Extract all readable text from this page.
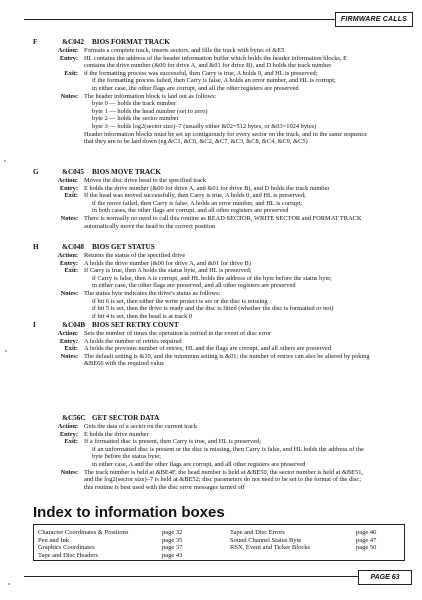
FIRMWARE CALLS
F	&C042 BIOS FORMAT TRACK
Action: Formats a complete track, inserts sectors, and fills the track with bytes of &E5
Entry: HL contains the address of the header information buffer which holds the header information blocks, E
contains the drive number (&00 for drive A, and &01 for drive B), and D holds the track number
Exit: if the formatting process was successful, then Carry is true, A holds 0, and HL is preserved;
if the formatting process failed, then Carry is false, A holds an error number, and HL is corrupt;
in either case, the other flags are corrupt, and all the other registers are preserved
Notes: The header information block is laid out as follows:
byte 0 — holds the track number
byte 1 — holds the head number (set to zero)
byte 2 — holds the sector number
byte 3 — holds log2(sector size)–7 (usually either &02=512 bytes, or &03=1024 bytes)
Header information blocks must be set up contiguously for every sector on the track, and in the same sequence
that they are to be laid down (eg &C1, &C6, &C2, &C7, &C3, &C8, &C4, &C9, &C5)
G	&C045 BIOS MOVE TRACK
Action: Moves the disc drive head to the specified track
Entry: E holds the drive number (&00 for drive A, and &01 for drive B), and D holds the track number
Exit: If the head was moved successfully, then Carry is true, A holds 0, and HL is preserved;
if the move failed, then Carry is false, A holds an error number, and HL is corrupt;
in both cases, the other flags are corrupt, and all other registers are preserved
Notes: There is normally no need to call this routine as READ SECTOR, WRITE SECTOR and FORMAT TRACK
automatically move the head to the correct position
H	&C048 BIOS GET STATUS
Action: Returns the status of the specified drive
Entry: A holds the drive number (&00 for drive A, and &01 for drive B)
Exit: If Carry is true, then A holds the status byte, and HL is preserved;
if Carry is false, then A is corrupt, and HL holds the address of the byte before the status byte;
in either case, the other flags are preserved, and all other registers are preserved
Notes: The status byte indicates the drive's status as follows:
if bit 6 is set, then either the write protect is set or the disc is missing
if bit 5 is set, then the drive is ready and the disc is fitted (whether the disc is formatted or not)
if bit 4 is set, then the head is at track 0
I	&C04B BIOS SET RETRY COUNT
Action: Sets the number of times the operation is retried in the event of disc error
Entry: A holds the number of retries required
Exit: A holds the previous number of retries, HL and the flags are corrupt, and all others are preserved
Notes: The default setting is &10, and the minimum setting is &01; the number of retries can also be altered by poking
&BE66 with the required value
&C56C GET SECTOR DATA
Action: Gets the data of a sector on the current track
Entry: E holds the drive number
Exit: If a formatted disc is present, then Carry is true, and HL is preserved;
if an unformatted disc is present or the disc is missing, then Carry is false, and HL holds the address of the
byte before the status byte;
in either case, A and the other flags are corrupt, and all other registers are preserved
Notes: The track number is held at &BE4F, the head number is held at &BE50, the sector number is held at &BE51,
and the log2(sector size)–7 is held at &BE52; disc parameters do not need to be set to the format of the disc;
this routine is best used with the disc error messages turned off
Index to information boxes
Character Coordinates & Positions	page 32
Pen and Ink	page 35
Graphics Coordinates	page 37
Tape and Disc Headers	page 43
Tape and Disc Errors	page 46
Sound Channel Status Byte	page 47
RSX, Event and Ticker Blocks	page 50
PAGE 63
